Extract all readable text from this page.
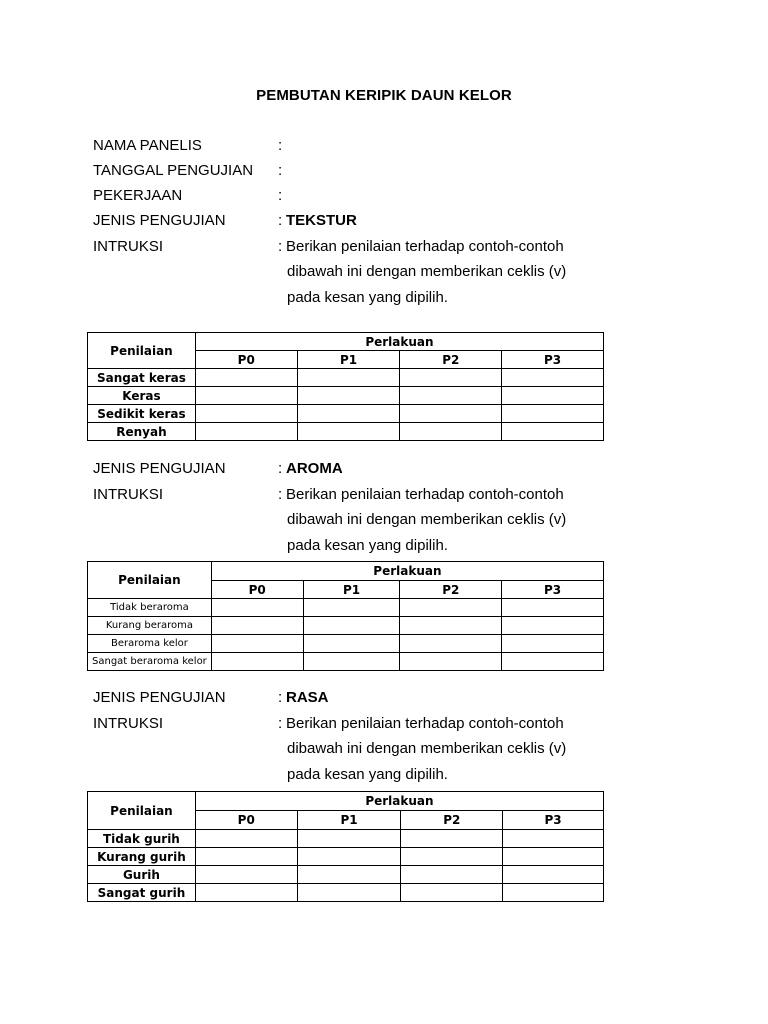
PEMBUTAN KERIPIK DAUN KELOR
NAMA PANELIS	:
TANGGAL PENGUJIAN :
PEKERJAAN	:
JENIS PENGUJIAN	: TEKSTUR
INTRUKSI	: Berikan penilaian terhadap contoh-contoh
dibawah ini dengan memberikan ceklis (v)
pada kesan yang dipilih.
Penilaian	Perlakuan			
	P0	P1	P2	P3
Sangat keras				
Keras				
Sedikit keras				
Renyah				
JENIS PENGUJIAN	: AROMA
INTRUKSI	: Berikan penilaian terhadap contoh-contoh
dibawah ini dengan memberikan ceklis (v)
pada kesan yang dipilih.
Penilaian	Perlakuan			
	P0	P1	P2	P3
Tidak beraroma				
Kurang beraroma				
Beraroma kelor				
Sangat beraroma kelor				
JENIS PENGUJIAN	: RASA
INTRUKSI	: Berikan penilaian terhadap contoh-contoh
dibawah ini dengan memberikan ceklis (v)
pada kesan yang dipilih.
Penilaian	Perlakuan			
	P0	P1	P2	P3
Tidak gurih				
Kurang gurih				
Gurih				
Sangat gurih				
